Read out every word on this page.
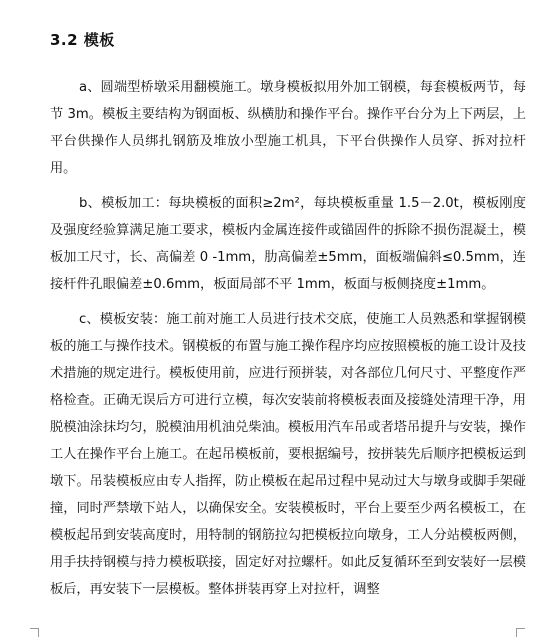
3.2 模板

a、圆端型桥墩采用翻模施工。墩身模板拟用外加工钢模，每套模板两节，每节 3m。模板主要结构为钢面板、纵横肋和操作平台。操作平台分为上下两层，上平台供操作人员绑扎钢筋及堆放小型施工机具，下平台供操作人员穿、拆对拉杆用。

b、模板加工：每块模板的面积≥2m²，每块模板重量 1.5－2.0t，模板刚度及强度经验算满足施工要求，模板内金属连接件或锚固件的拆除不损伤混凝土，模板加工尺寸，长、高偏差 0 -1mm，肋高偏差±5mm，面板端偏斜≤0.5mm，连接杆件孔眼偏差±0.6mm，板面局部不平 1mm，板面与板侧挠度±1mm。

c、模板安装：施工前对施工人员进行技术交底，使施工人员熟悉和掌握钢模板的施工与操作技术。钢模板的布置与施工操作程序均应按照模板的施工设计及技术措施的规定进行。模板使用前，应进行预拼装，对各部位几何尺寸、平整度作严格检查。正确无误后方可进行立模，每次安装前将模板表面及接缝处清理干净，用脱模油涂抹均匀，脱模油用机油兑柴油。模板用汽车吊或者塔吊提升与安装，操作工人在操作平台上施工。在起吊模板前，要根据编号，按拼装先后顺序把模板运到墩下。吊装模板应由专人指挥，防止模板在起吊过程中晃动过大与墩身或脚手架碰撞，同时严禁墩下站人，以确保安全。安装模板时，平台上要至少两名模板工，在模板起吊到安装高度时，用特制的钢筋拉勾把模板拉向墩身，工人分站模板两侧，用手扶持钢模与持力模板联接，固定好对拉螺杆。如此反复循环至到安装好一层模板后，再安装下一层模板。整体拼装再穿上对拉杆，调整
